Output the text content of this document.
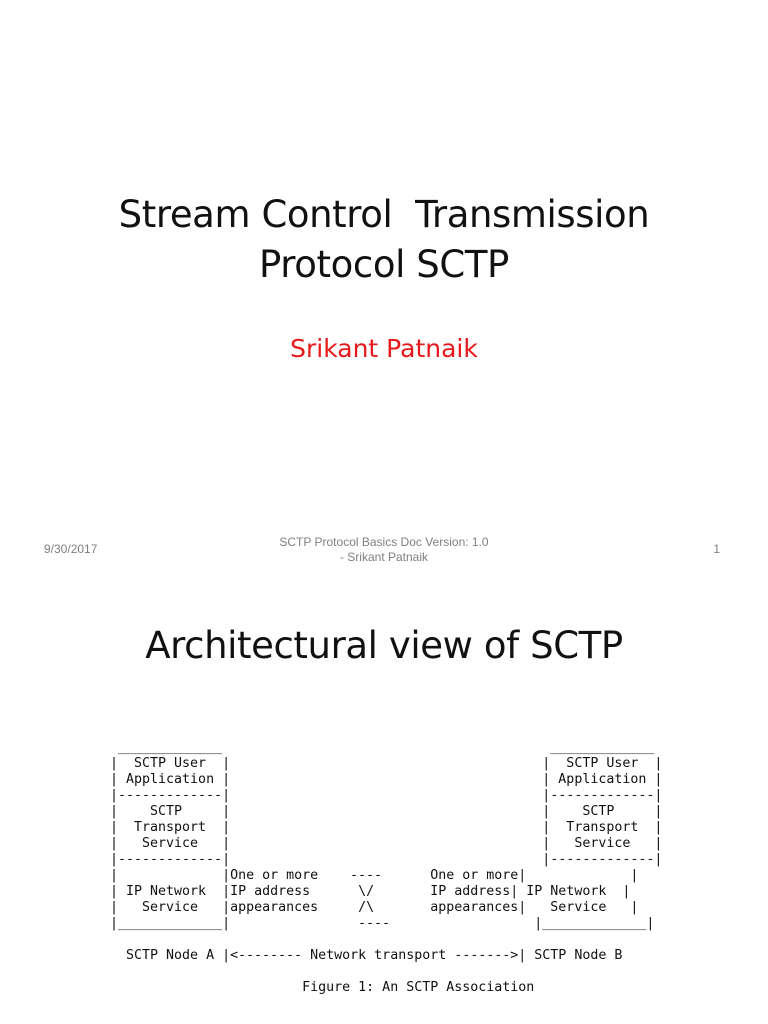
Stream Control  Transmission
Protocol SCTP
Srikant Patnaik
9/30/2017	SCTP Protocol Basics Doc Version: 1.0
- Srikant Patnaik
1
Architectural view of SCTP
_____________                                         _____________
|  SCTP User  |                                       |  SCTP User  |
| Application |                                       | Application |
|-------------|                                       |-------------|
|    SCTP     |                                       |    SCTP     |
|  Transport  |                                       |  Transport  |
|   Service   |                                       |   Service   |
|-------------|                                       |-------------|
|             |One or more    ----      One or more|             |
| IP Network  |IP address      \/       IP address| IP Network  |
|   Service   |appearances     /\       appearances|   Service   |
|_____________|                ----                  |_____________|
SCTP Node A |<-------- Network transport ------->| SCTP Node B
Figure 1: An SCTP Association
